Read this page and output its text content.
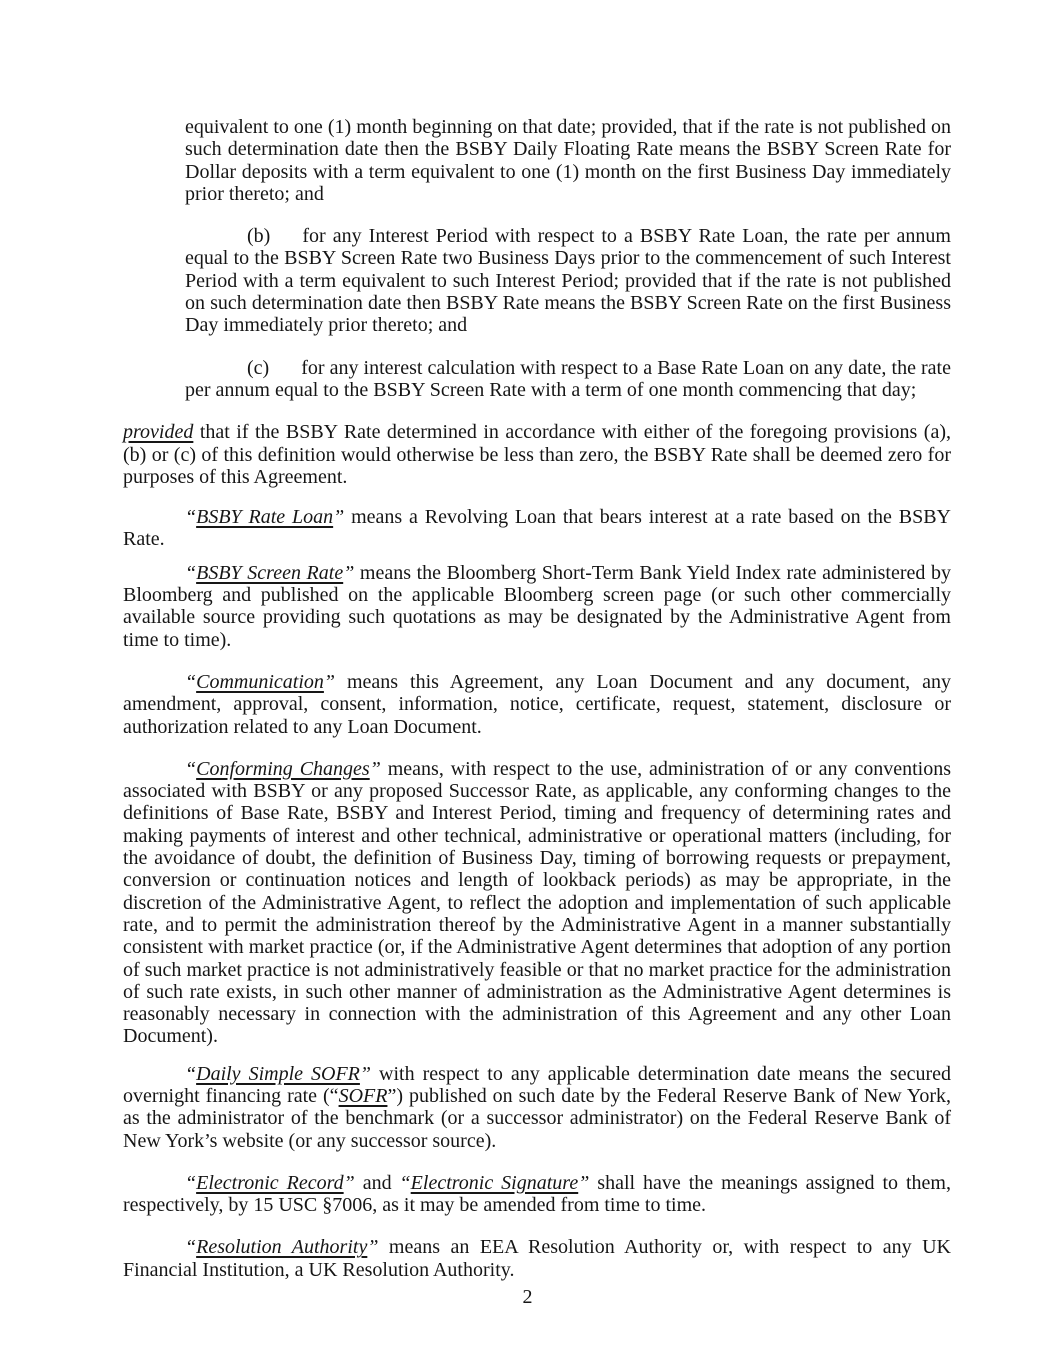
equivalent to one (1) month beginning on that date; provided, that if the rate is not published on such determination date then the BSBY Daily Floating Rate means the BSBY Screen Rate for Dollar deposits with a term equivalent to one (1) month on the first Business Day immediately prior thereto; and

(b) for any Interest Period with respect to a BSBY Rate Loan, the rate per annum equal to the BSBY Screen Rate two Business Days prior to the commencement of such Interest Period with a term equivalent to such Interest Period; provided that if the rate is not published on such determination date then BSBY Rate means the BSBY Screen Rate on the first Business Day immediately prior thereto; and

(c) for any interest calculation with respect to a Base Rate Loan on any date, the rate per annum equal to the BSBY Screen Rate with a term of one month commencing that day;

provided that if the BSBY Rate determined in accordance with either of the foregoing provisions (a), (b) or (c) of this definition would otherwise be less than zero, the BSBY Rate shall be deemed zero for purposes of this Agreement.

“BSBY Rate Loan” means a Revolving Loan that bears interest at a rate based on the BSBY Rate.

“BSBY Screen Rate” means the Bloomberg Short-Term Bank Yield Index rate administered by Bloomberg and published on the applicable Bloomberg screen page (or such other commercially available source providing such quotations as may be designated by the Administrative Agent from time to time).

“Communication” means this Agreement, any Loan Document and any document, any amendment, approval, consent, information, notice, certificate, request, statement, disclosure or authorization related to any Loan Document.

“Conforming Changes” means, with respect to the use, administration of or any conventions associated with BSBY or any proposed Successor Rate, as applicable, any conforming changes to the definitions of Base Rate, BSBY and Interest Period, timing and frequency of determining rates and making payments of interest and other technical, administrative or operational matters (including, for the avoidance of doubt, the definition of Business Day, timing of borrowing requests or prepayment, conversion or continuation notices and length of lookback periods) as may be appropriate, in the discretion of the Administrative Agent, to reflect the adoption and implementation of such applicable rate, and to permit the administration thereof by the Administrative Agent in a manner substantially consistent with market practice (or, if the Administrative Agent determines that adoption of any portion of such market practice is not administratively feasible or that no market practice for the administration of such rate exists, in such other manner of administration as the Administrative Agent determines is reasonably necessary in connection with the administration of this Agreement and any other Loan Document).

“Daily Simple SOFR” with respect to any applicable determination date means the secured overnight financing rate (“SOFR”) published on such date by the Federal Reserve Bank of New York, as the administrator of the benchmark (or a successor administrator) on the Federal Reserve Bank of New York’s website (or any successor source).

“Electronic Record” and “Electronic Signature” shall have the meanings assigned to them, respectively, by 15 USC §7006, as it may be amended from time to time.

“Resolution Authority” means an EEA Resolution Authority or, with respect to any UK Financial Institution, a UK Resolution Authority.

2
